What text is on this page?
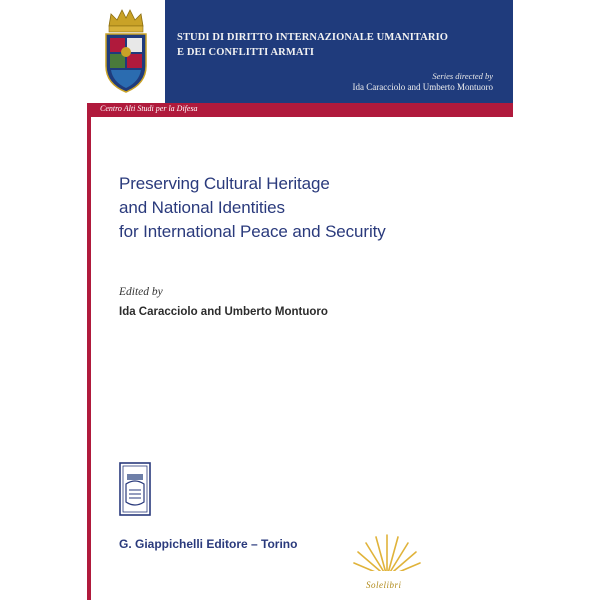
STUDI DI DIRITTO INTERNAZIONALE UMANITARIO
E DEI CONFLITTI ARMATI
Series directed by
Ida Caracciolo and Umberto Montuoro
Centro Alti Studi per la Difesa
Preserving Cultural Heritage
and National Identities
for International Peace and Security
Edited by
Ida Caracciolo and Umberto Montuoro
G. Giappichelli Editore – Torino
Solelibri
